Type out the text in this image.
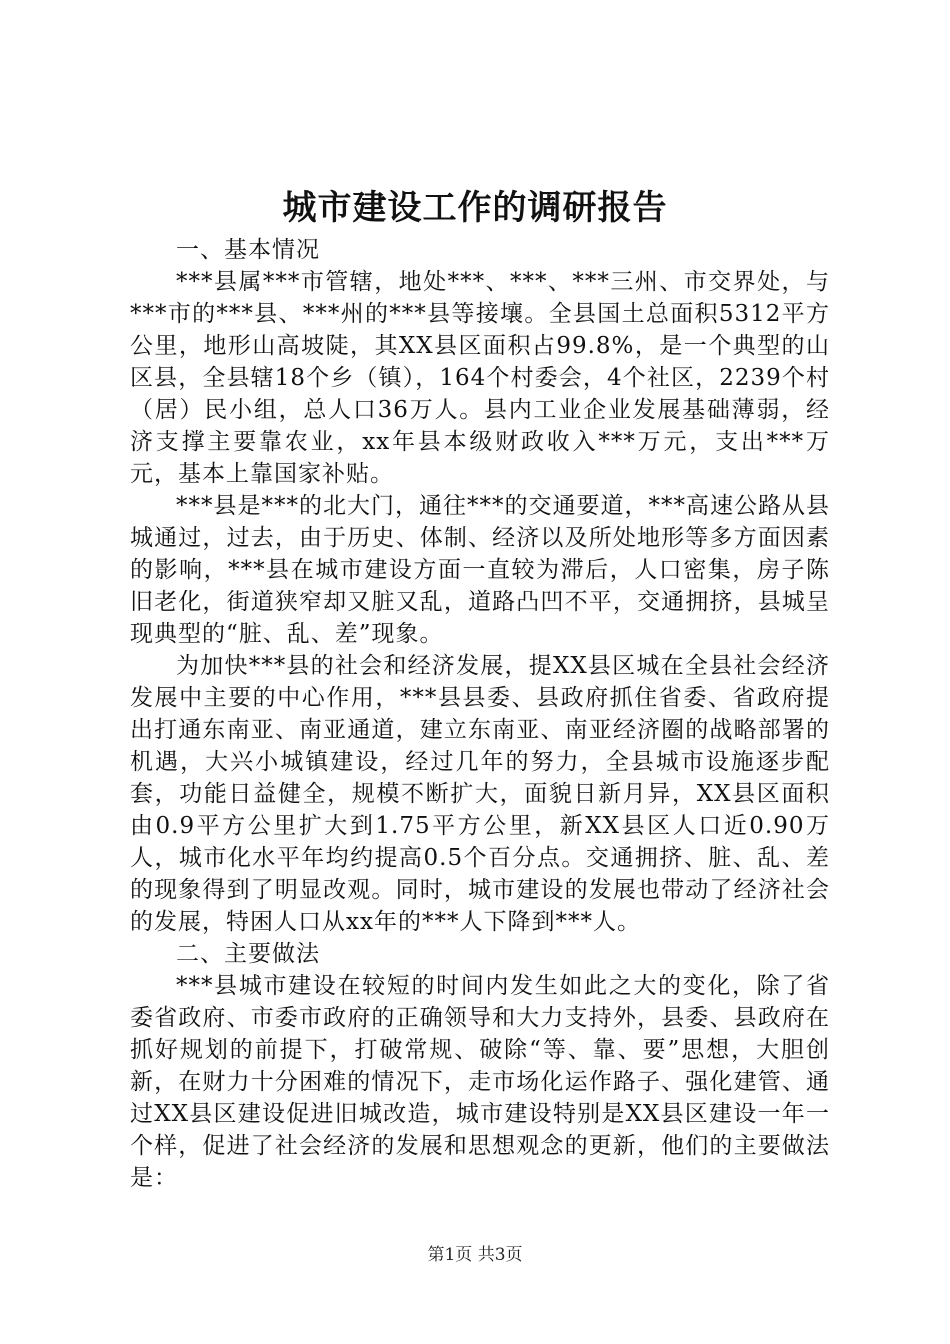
城市建设工作的调研报告

一、基本情况

***县属***市管辖，地处***、***、***三州、市交界处，与***市的***县、***州的***县等接壤。全县国土总面积5312平方公里，地形山高坡陡，其XX县区面积占99.8%，是一个典型的山区县，全县辖18个乡（镇），164个村委会，4个社区，2239个村（居）民小组，总人口36万人。县内工业企业发展基础薄弱，经济支撑主要靠农业，xx年县本级财政收入***万元，支出***万元，基本上靠国家补贴。

***县是***的北大门，通往***的交通要道，***高速公路从县城通过，过去，由于历史、体制、经济以及所处地形等多方面因素的影响，***县在城市建设方面一直较为滞后，人口密集，房子陈旧老化，街道狭窄却又脏又乱，道路凸凹不平，交通拥挤，县城呈现典型的“脏、乱、差”现象。

为加快***县的社会和经济发展，提XX县区城在全县社会经济发展中主要的中心作用，***县县委、县政府抓住省委、省政府提出打通东南亚、南亚通道，建立东南亚、南亚经济圈的战略部署的机遇，大兴小城镇建设，经过几年的努力，全县城市设施逐步配套，功能日益健全，规模不断扩大，面貌日新月异，XX县区面积由0.9平方公里扩大到1.75平方公里，新XX县区人口近0.90万人，城市化水平年均约提高0.5个百分点。交通拥挤、脏、乱、差的现象得到了明显改观。同时，城市建设的发展也带动了经济社会的发展，特困人口从xx年的***人下降到***人。

二、主要做法

***县城市建设在较短的时间内发生如此之大的变化，除了省委省政府、市委市政府的正确领导和大力支持外，县委、县政府在抓好规划的前提下，打破常规、破除“等、靠、要”思想，大胆创新，在财力十分困难的情况下，走市场化运作路子、强化建管、通过XX县区建设促进旧城改造，城市建设特别是XX县区建设一年一个样，促进了社会经济的发展和思想观念的更新，他们的主要做法是：

第1页 共3页
